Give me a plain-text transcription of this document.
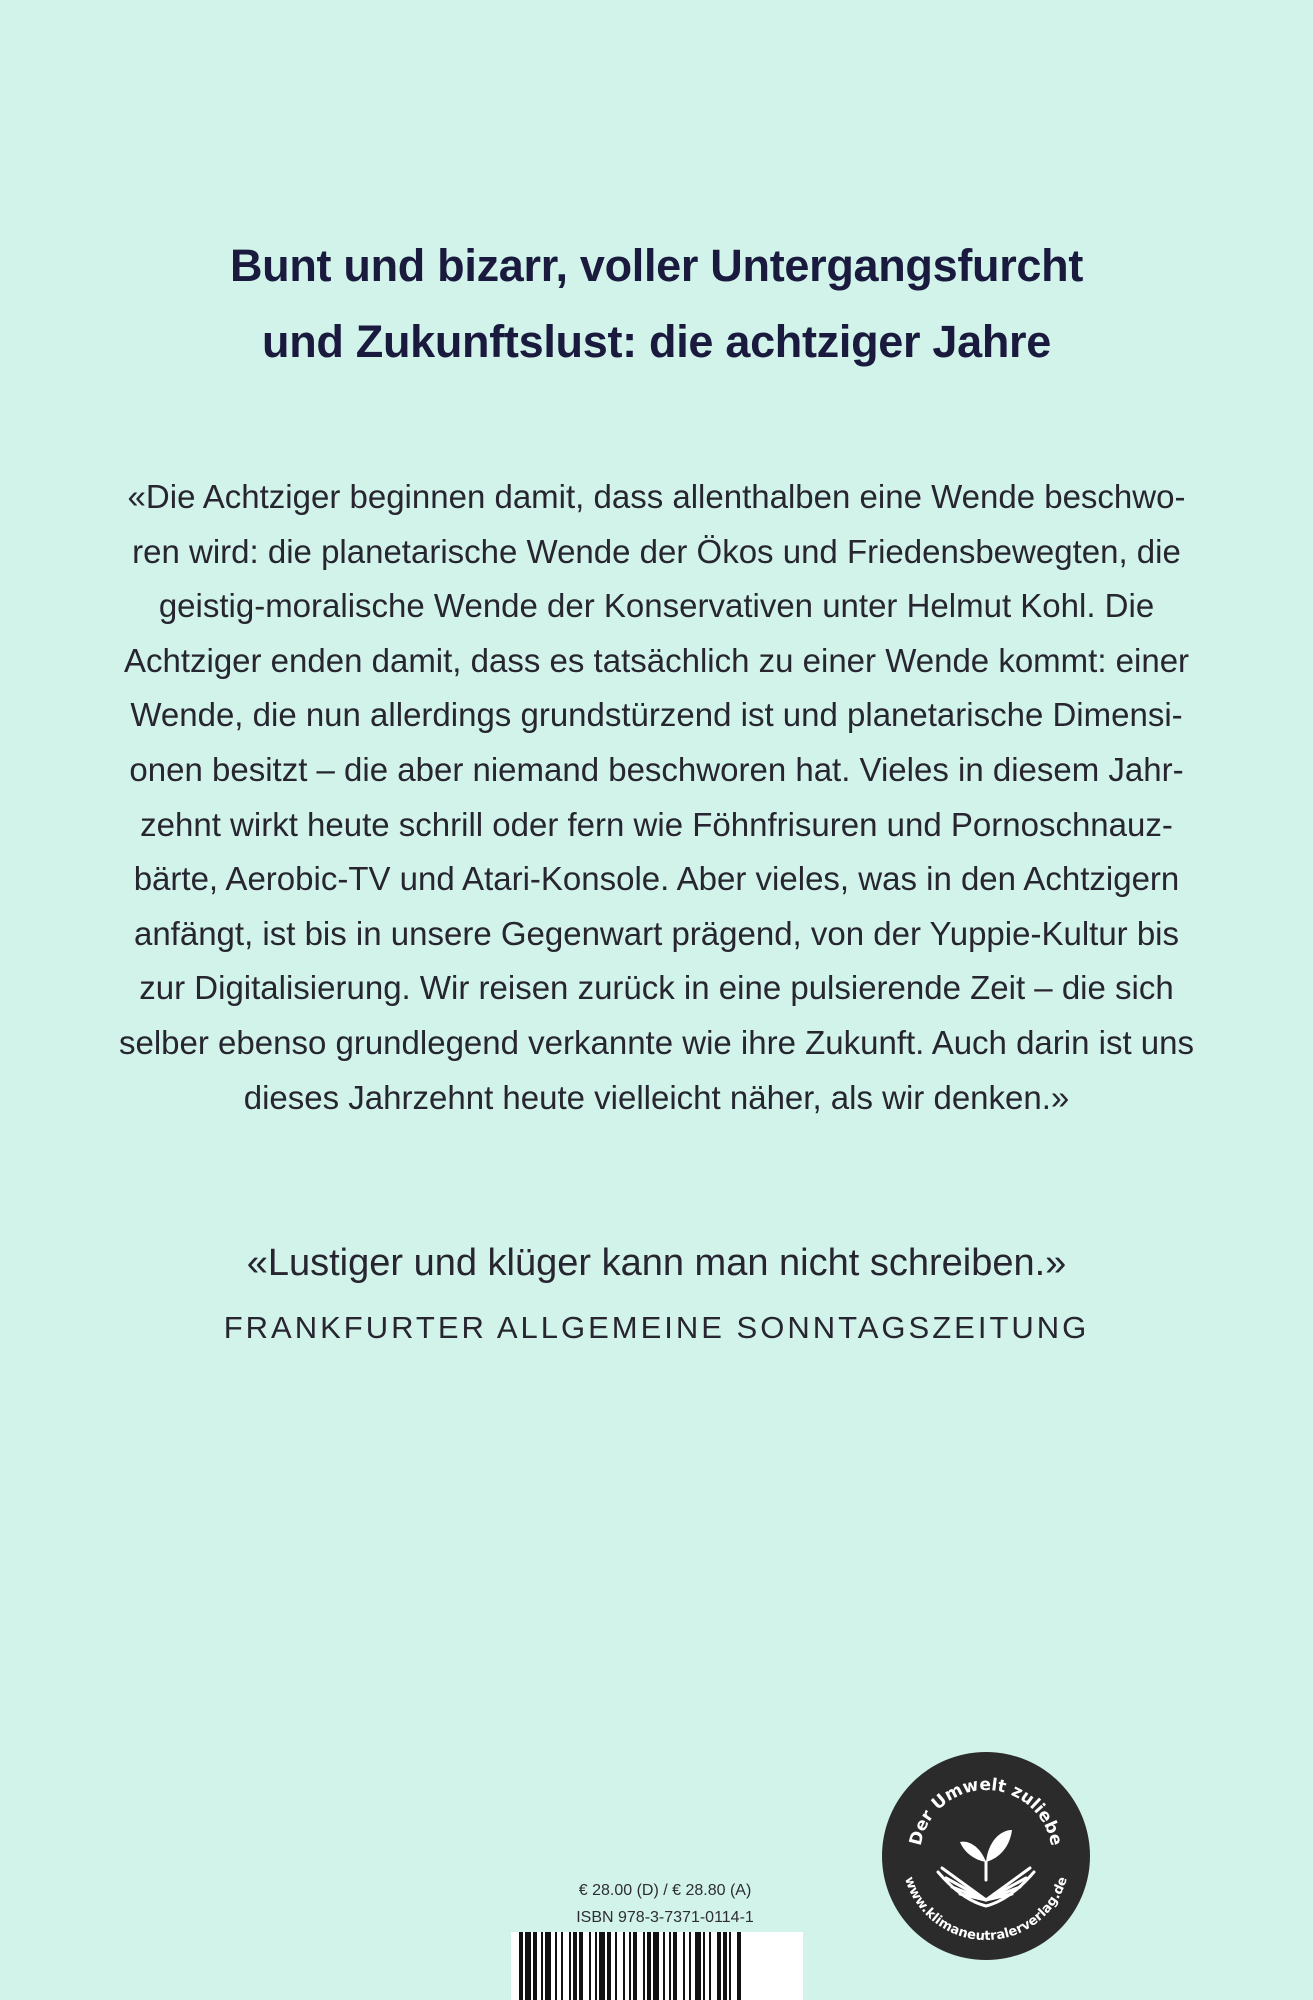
Bunt und bizarr, voller Untergangsfurcht
und Zukunftslust: die achtziger Jahre
«Die Achtziger beginnen damit, dass allenthalben eine Wende beschwo-
ren wird: die planetarische Wende der Ökos und Friedensbewegten, die
geistig-moralische Wende der Konservativen unter Helmut Kohl. Die
Achtziger enden damit, dass es tatsächlich zu einer Wende kommt: einer
Wende, die nun allerdings grundstürzend ist und planetarische Dimensi-
onen besitzt – die aber niemand beschworen hat. Vieles in diesem Jahr-
zehnt wirkt heute schrill oder fern wie Föhnfrisuren und Pornoschnauz-
bärte, Aerobic-TV und Atari-Konsole. Aber vieles, was in den Achtzigern
anfängt, ist bis in unsere Gegenwart prägend, von der Yuppie-Kultur bis
zur Digitalisierung. Wir reisen zurück in eine pulsierende Zeit – die sich
selber ebenso grundlegend verkannte wie ihre Zukunft. Auch darin ist uns
dieses Jahrzehnt heute vielleicht näher, als wir denken.»
«Lustiger und klüger kann man nicht schreiben.»
FRANKFURTER ALLGEMEINE SONNTAGSZEITUNG
Der Umwelt zuliebe
www.klimaneutralerverlag.de
€ 28.00 (D) / € 28.80 (A)
ISBN 978-3-7371-0114-1
